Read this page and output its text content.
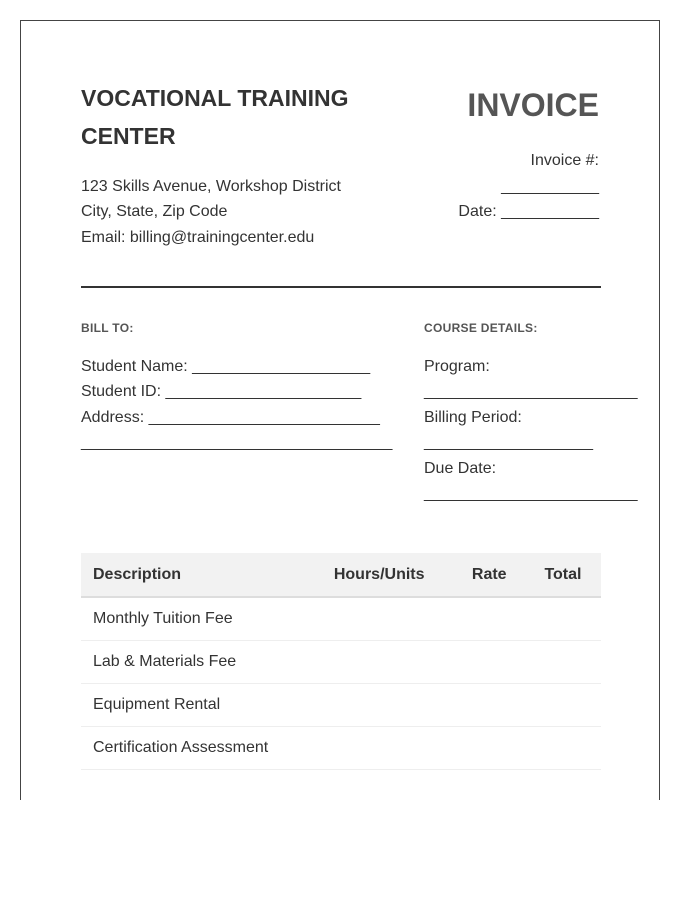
VOCATIONAL TRAINING CENTER
123 Skills Avenue, Workshop District
City, State, Zip Code
Email: billing@trainingcenter.edu
INVOICE
Invoice #:
___________
Date: ___________
BILL TO:
Student Name: ____________________
Student ID: ______________________
Address: __________________________
___________________________________
COURSE DETAILS:
Program:
________________________
Billing Period:
___________________
Due Date:
________________________
Description	Hours/Units	Rate	Total
Monthly Tuition Fee			
Lab & Materials Fee			
Equipment Rental			
Certification Assessment			
